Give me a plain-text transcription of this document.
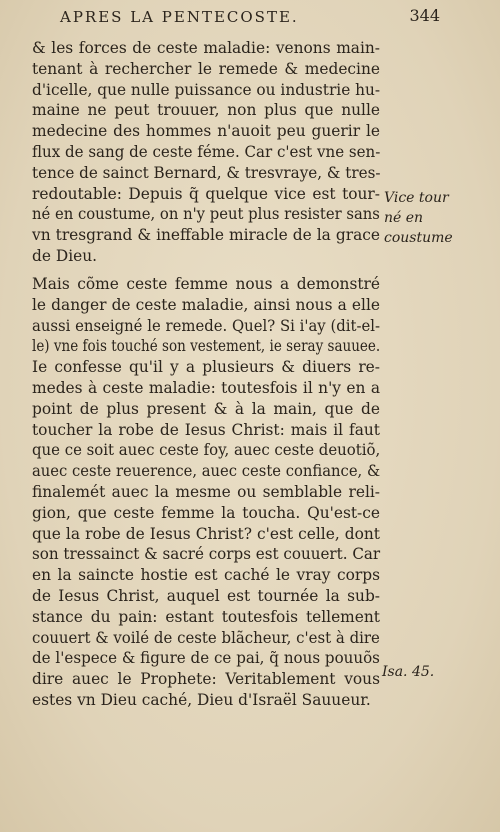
APRES LA PENTECOSTE.	344
& les forces de ceste maladie: venons main-
tenant à rechercher le remede & medecine
d'icelle, que nulle puissance ou industrie hu-
maine ne peut trouuer, non plus que nulle
medecine des hommes n'auoit peu guerir le
flux de sang de ceste féme. Car c'est vne sen-
tence de sainct Bernard, & tresvraye, & tres-
redoutable: Depuis q̃ quelque vice est tour-
né en coustume, on n'y peut plus resister sans
vn tresgrand & ineffable miracle de la grace
de Dieu.
Vice tour
né en
coustume
Mais cõme ceste femme nous a demonstré
le danger de ceste maladie, ainsi nous a elle
aussi enseigné le remede. Quel? Si i'ay (dit-el-
le) vne fois touché son vestement, ie seray sauuee.
Ie confesse qu'il y a plusieurs & diuers re-
medes à ceste maladie: toutesfois il n'y en a
point de plus present & à la main, que de
toucher la robe de Iesus Christ: mais il faut
que ce soit auec ceste foy, auec ceste deuotiõ,
auec ceste reuerence, auec ceste confiance, &
finalemét auec la mesme ou semblable reli-
gion, que ceste femme la toucha. Qu'est-ce
que la robe de Iesus Christ? c'est celle, dont
son tressainct & sacré corps est couuert. Car
en la saincte hostie est caché le vray corps
de Iesus Christ, auquel est tournée la sub-
stance du pain: estant toutesfois tellement
couuert & voilé de ceste blãcheur, c'est à dire
de l'espece & figure de ce pai, q̃ nous pouuõs
dire auec le Prophete: Veritablement vous
estes vn Dieu caché, Dieu d'Israël Sauueur.
Isa. 45.
